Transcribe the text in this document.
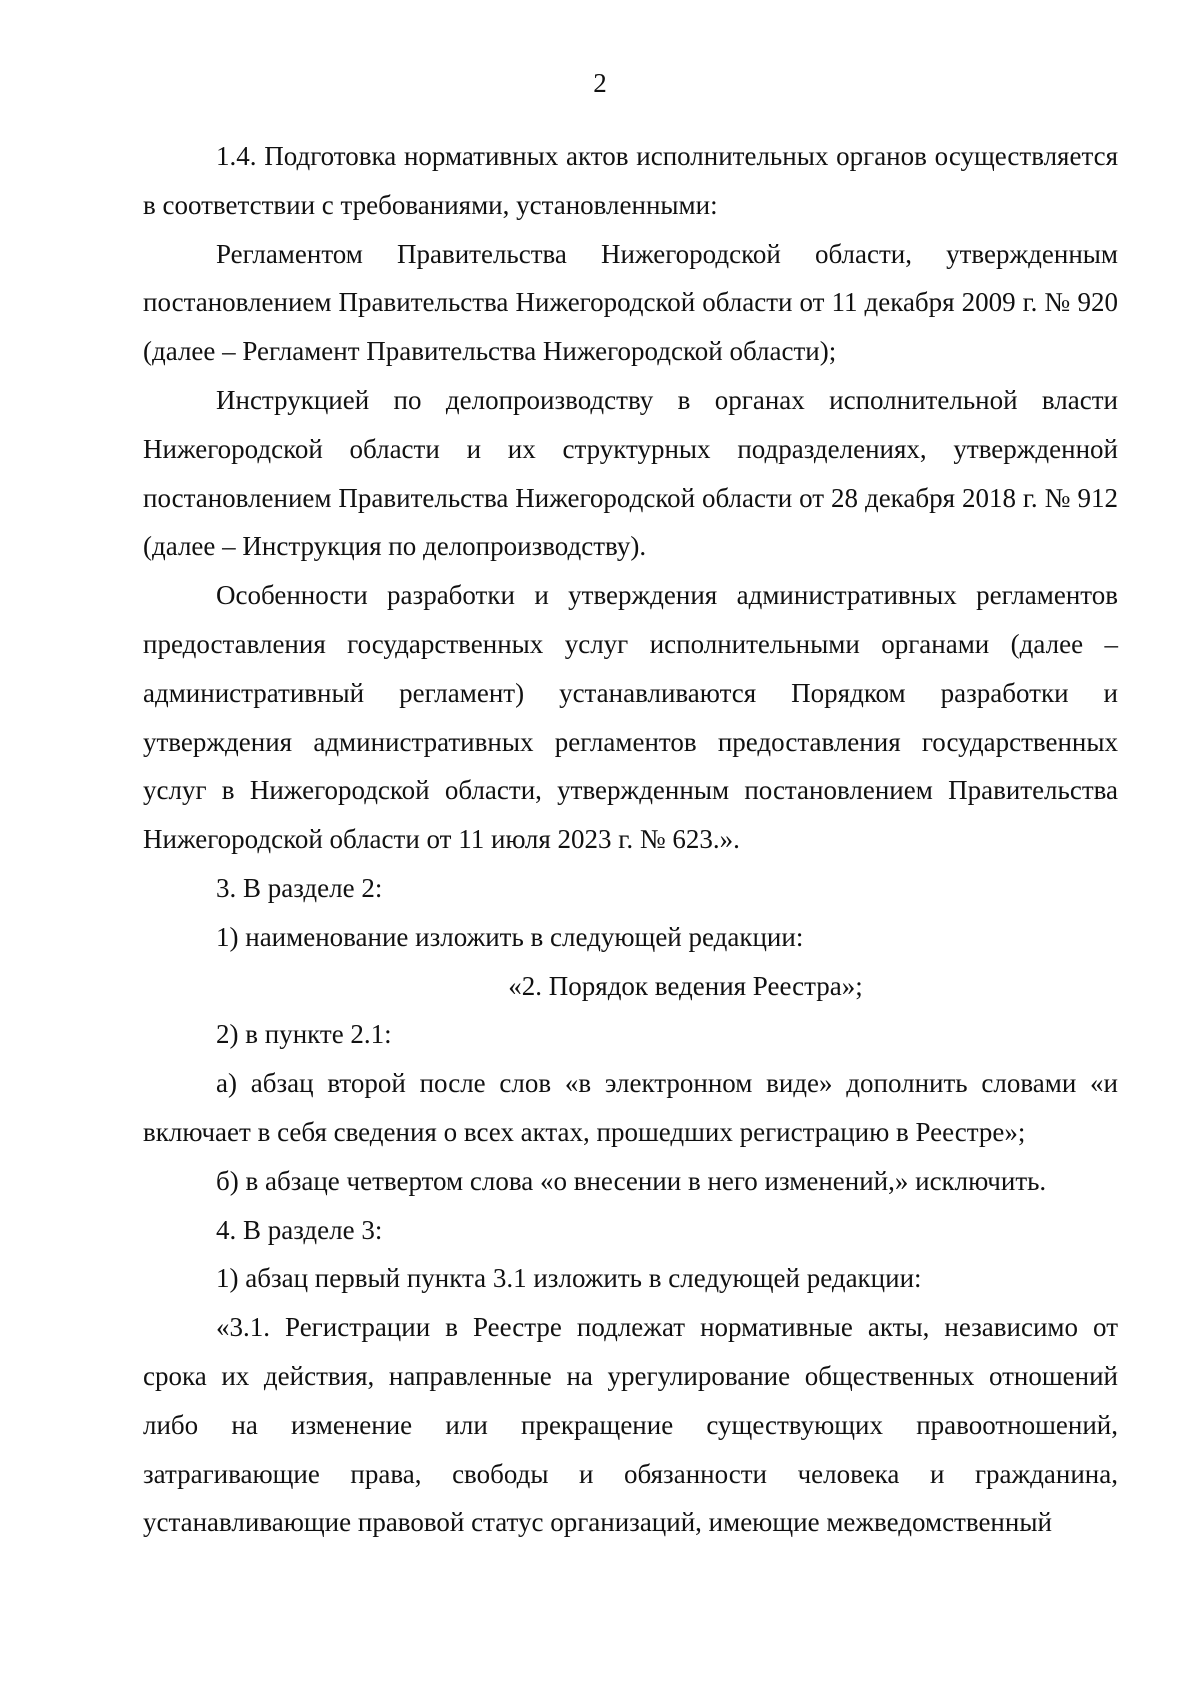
2

1.4. Подготовка нормативных актов исполнительных органов осуществляется в соответствии с требованиями, установленными:

Регламентом Правительства Нижегородской области, утвержденным постановлением Правительства Нижегородской области от 11 декабря 2009 г. № 920 (далее – Регламент Правительства Нижегородской области);

Инструкцией по делопроизводству в органах исполнительной власти Нижегородской области и их структурных подразделениях, утвержденной постановлением Правительства Нижегородской области от 28 декабря 2018 г. № 912 (далее – Инструкция по делопроизводству).

Особенности разработки и утверждения административных регламентов предоставления государственных услуг исполнительными органами (далее – административный регламент) устанавливаются Порядком разработки и утверждения административных регламентов предоставления государственных услуг в Нижегородской области, утвержденным постановлением Правительства Нижегородской области от 11 июля 2023 г. № 623.».

3. В разделе 2:

1) наименование изложить в следующей редакции:

«2. Порядок ведения Реестра»;

2) в пункте 2.1:

а) абзац второй после слов «в электронном виде» дополнить словами «и включает в себя сведения о всех актах, прошедших регистрацию в Реестре»;

б) в абзаце четвертом слова «о внесении в него изменений,» исключить.

4. В разделе 3:

1) абзац первый пункта 3.1 изложить в следующей редакции:

«3.1. Регистрации в Реестре подлежат нормативные акты, независимо от срока их действия, направленные на урегулирование общественных отношений либо на изменение или прекращение существующих правоотношений, затрагивающие права, свободы и обязанности человека и гражданина, устанавливающие правовой статус организаций, имеющие межведомственный
